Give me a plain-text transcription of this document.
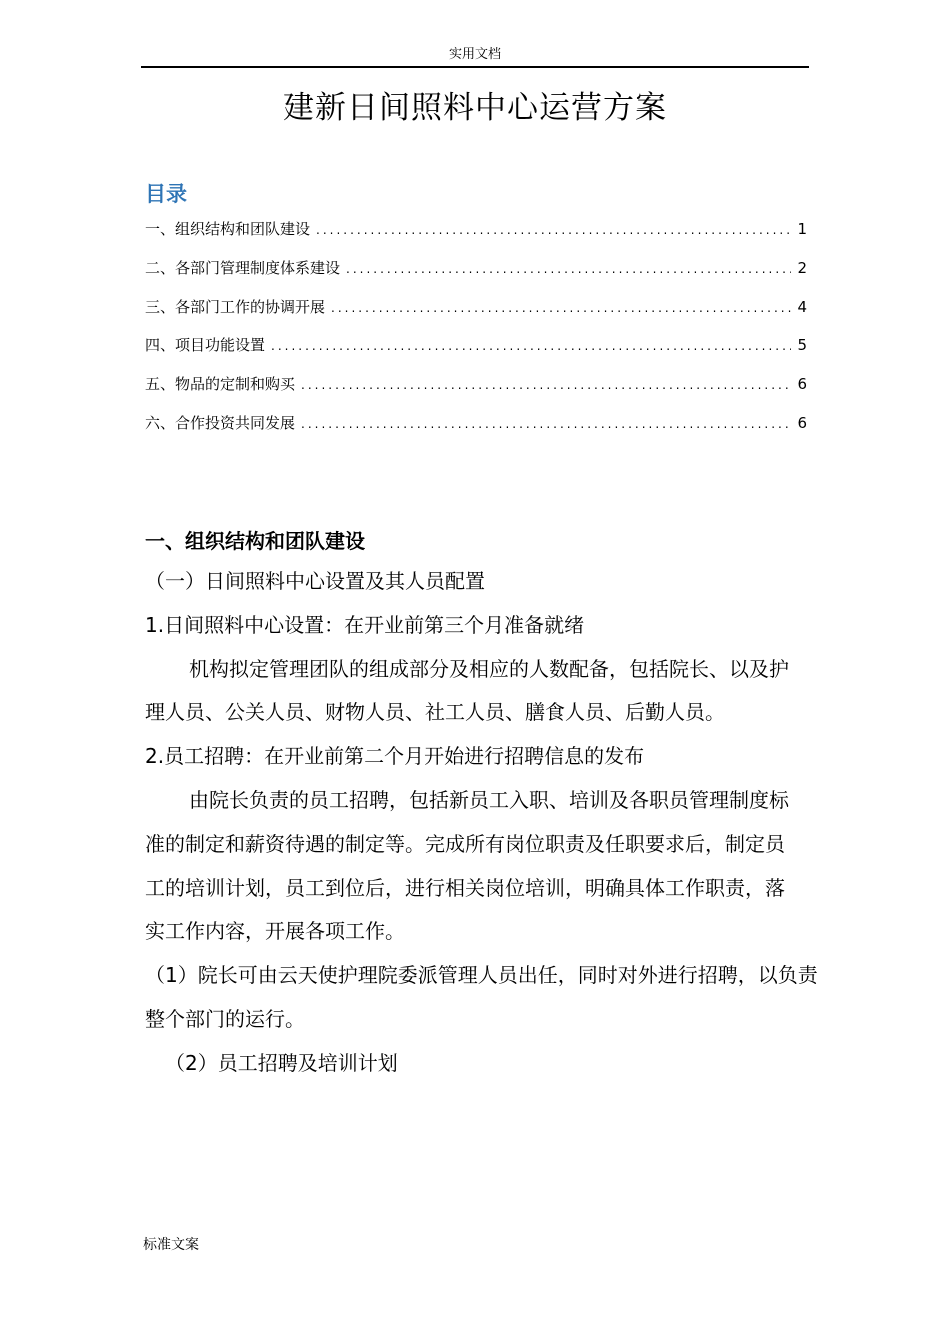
实用文档
建新日间照料中心运营方案
目录
一、组织结构和团队建设 .....	1
二、各部门管理制度体系建设 .....	2
三、各部门工作的协调开展 .....	4
四、项目功能设置 .....	5
五、物品的定制和购买 .....	6
六、合作投资共同发展 .....	6
一、组织结构和团队建设

（一）日间照料中心设置及其人员配置

1.日间照料中心设置：在开业前第三个月准备就绪

机构拟定管理团队的组成部分及相应的人数配备，包括院长、以及护理人员、公关人员、财物人员、社工人员、膳食人员、后勤人员。

2.员工招聘：在开业前第二个月开始进行招聘信息的发布

由院长负责的员工招聘，包括新员工入职、培训及各职员管理制度标准的制定和薪资待遇的制定等。完成所有岗位职责及任职要求后，制定员工的培训计划，员工到位后，进行相关岗位培训，明确具体工作职责，落实工作内容，开展各项工作。

（1）院长可由云天使护理院委派管理人员出任，同时对外进行招聘，以负责整个部门的运行。

（2）员工招聘及培训计划

标准文案
